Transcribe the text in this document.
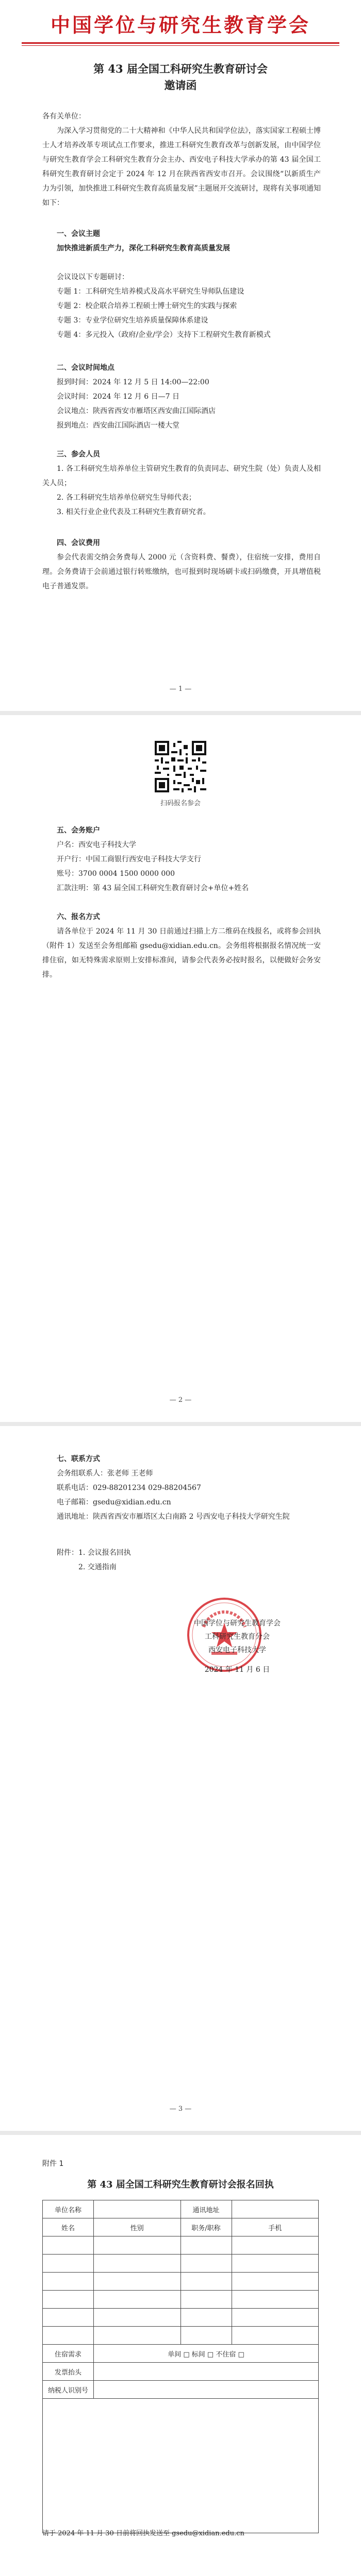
中国学位与研究生教育学会
第 43 届全国工科研究生教育研讨会
邀请函
各有关单位：
为深入学习贯彻党的二十大精神和《中华人民共和国学位法》，落实国家工程硕士博士人才培养改革专项试点工作要求，推进工科研究生教育改革与创新发展，由中国学位与研究生教育学会工科研究生教育分会主办、西安电子科技大学承办的第 43 届全国工科研究生教育研讨会定于 2024 年 12 月在陕西省西安市召开。会议围绕“以新质生产力为引领，加快推进工科研究生教育高质量发展”主题展开交流研讨，现将有关事项通知如下：
一、会议主题
加快推进新质生产力，深化工科研究生教育高质量发展
会议设以下专题研讨：
专题 1：工科研究生培养模式及高水平研究生导师队伍建设
专题 2：校企联合培养工程硕士博士研究生的实践与探索
专题 3：专业学位研究生培养质量保障体系建设
专题 4：多元投入（政府/企业/学会）支持下工程研究生教育新模式
二、会议时间地点
报到时间：2024 年 12 月 5 日 14:00—22:00
会议时间：2024 年 12 月 6 日—7 日
会议地点：陕西省西安市雁塔区西安曲江国际酒店
报到地点：西安曲江国际酒店一楼大堂
三、参会人员
1. 各工科研究生培养单位主管研究生教育的负责同志、研究生院（处）负责人及相关人员；
2. 各工科研究生培养单位研究生导师代表；
3. 相关行业企业代表及工科研究生教育研究者。
四、会议费用
参会代表需交纳会务费每人 2000 元（含资料费、餐费），住宿统一安排，费用自理。会务费请于会前通过银行转账缴纳，也可报到时现场刷卡或扫码缴费，开具增值税电子普通发票。
— 1 —
扫码报名参会
五、会务账户
户名：西安电子科技大学
开户行：中国工商银行西安电子科技大学支行
账号：3700 0004 1500 0000 000
汇款注明：第 43 届全国工科研究生教育研讨会+单位+姓名
六、报名方式
请各单位于 2024 年 11 月 30 日前通过扫描上方二维码在线报名，或将参会回执（附件 1）发送至会务组邮箱 gsedu@xidian.edu.cn。会务组将根据报名情况统一安排住宿，如无特殊需求原则上安排标准间，请参会代表务必按时报名，以便做好会务安排。
— 2 —
七、联系方式
会务组联系人：张老师 王老师
联系电话：029-88201234 029-88204567
电子邮箱：gsedu@xidian.edu.cn
通讯地址：陕西省西安市雁塔区太白南路 2 号西安电子科技大学研究生院
附件：1. 会议报名回执
　　　2. 交通指南
中国学位与研究生教育学会
工科研究生教育分会
西安电子科技大学
2024 年 11 月 6 日
— 3 —
附件 1
第 43 届全国工科研究生教育研讨会报名回执
单位名称		通讯地址	
姓名	性别	职务/职称	手机

住宿需求	单间 □ 标间 □ 不住宿 □		
发票抬头			
纳税人识别号			

请于 2024 年 11 月 30 日前将回执发送至 gsedu@xidian.edu.cn
